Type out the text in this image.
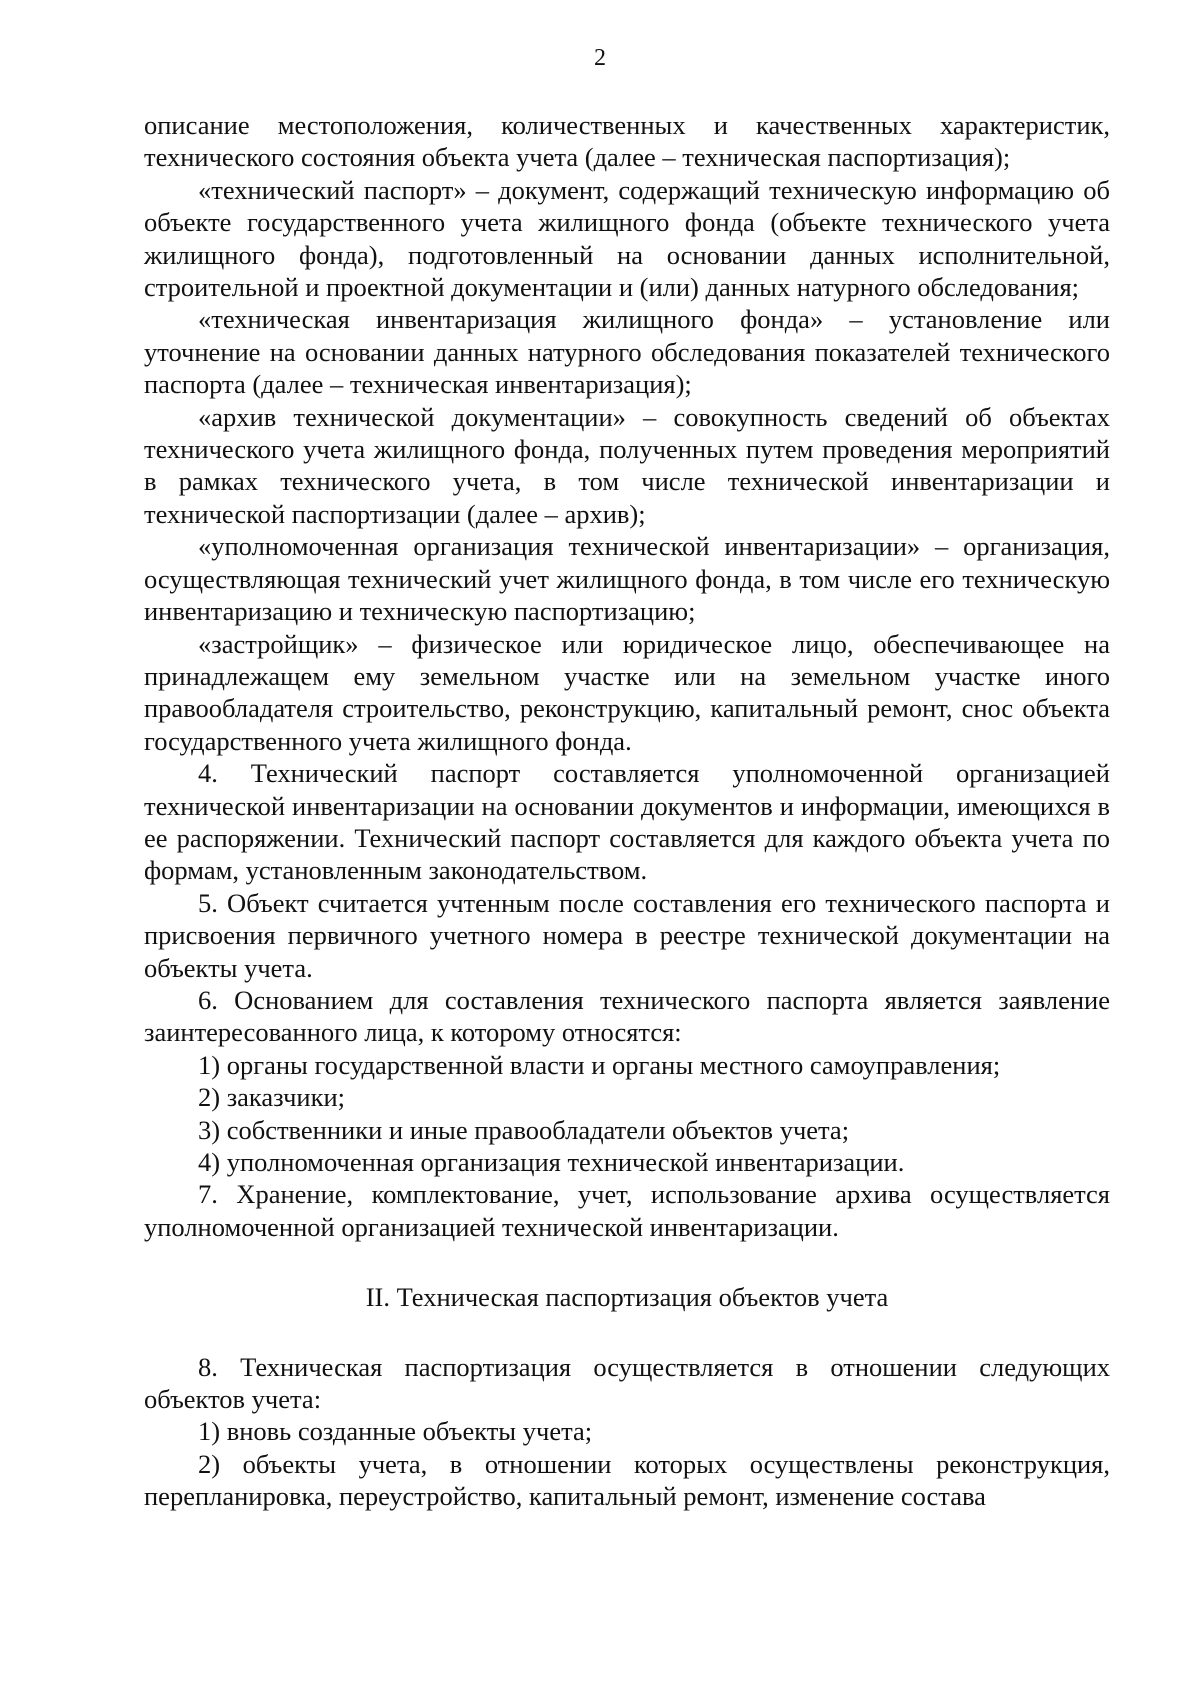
2

описание местоположения, количественных и качественных характеристик, технического состояния объекта учета (далее – техническая паспортизация);

«технический паспорт» – документ, содержащий техническую информацию об объекте государственного учета жилищного фонда (объекте технического учета жилищного фонда), подготовленный на основании данных исполнительной, строительной и проектной документации и (или) данных натурного обследования;

«техническая инвентаризация жилищного фонда» – установление или уточнение на основании данных натурного обследования показателей технического паспорта (далее – техническая инвентаризация);

«архив технической документации» – совокупность сведений об объектах технического учета жилищного фонда, полученных путем проведения мероприятий в рамках технического учета, в том числе технической инвентаризации и технической паспортизации (далее – архив);

«уполномоченная организация технической инвентаризации» – организация, осуществляющая технический учет жилищного фонда, в том числе его техническую инвентаризацию и техническую паспортизацию;

«застройщик» – физическое или юридическое лицо, обеспечивающее на принадлежащем ему земельном участке или на земельном участке иного правообладателя строительство, реконструкцию, капитальный ремонт, снос объекта государственного учета жилищного фонда.

4. Технический паспорт составляется уполномоченной организацией технической инвентаризации на основании документов и информации, имеющихся в ее распоряжении. Технический паспорт составляется для каждого объекта учета по формам, установленным законодательством.

5. Объект считается учтенным после составления его технического паспорта и присвоения первичного учетного номера в реестре технической документации на объекты учета.

6. Основанием для составления технического паспорта является заявление заинтересованного лица, к которому относятся:

1) органы государственной власти и органы местного самоуправления;

2) заказчики;

3) собственники и иные правообладатели объектов учета;

4) уполномоченная организация технической инвентаризации.

7. Хранение, комплектование, учет, использование архива осуществляется уполномоченной организацией технической инвентаризации.

II. Техническая паспортизация объектов учета

8. Техническая паспортизация осуществляется в отношении следующих объектов учета:

1) вновь созданные объекты учета;

2) объекты учета, в отношении которых осуществлены реконструкция, перепланировка, переустройство, капитальный ремонт, изменение состава
